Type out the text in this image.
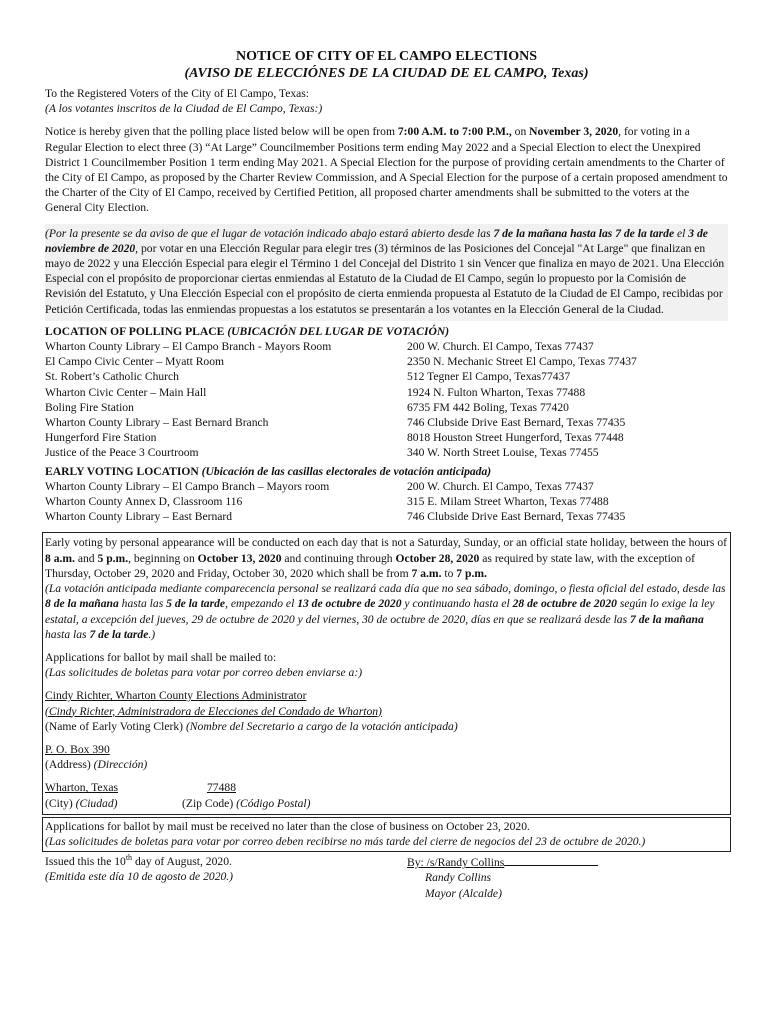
NOTICE OF CITY OF EL CAMPO ELECTIONS
(AVISO DE ELECCIÓNES DE LA CIUDAD DE EL CAMPO, Texas)

To the Registered Voters of the City of El Campo, Texas:

(A los votantes inscritos de la Ciudad de El Campo, Texas:)

Notice is hereby given that the polling place listed below will be open from 7:00 A.M. to 7:00 P.M., on November 3, 2020, for voting in a Regular Election to elect three (3) “At Large” Councilmember Positions term ending May 2022 and a Special Election to elect the Unexpired District 1 Councilmember Position 1 term ending May 2021. A Special Election for the purpose of providing certain amendments to the Charter of the City of El Campo, as proposed by the Charter Review Commission, and A Special Election for the purpose of a certain proposed amendment to the Charter of the City of El Campo, received by Certified Petition, all proposed charter amendments shall be submitted to the voters at the General City Election.

(Por la presente se da aviso de que el lugar de votación indicado abajo estará abierto desde las 7 de la mañana hasta las 7 de la tarde el 3 de noviembre de 2020, por votar en una Elección Regular para elegir tres (3) términos de las Posiciones del Concejal "At Large" que finalizan en mayo de 2022 y una Elección Especial para elegir el Término 1 del Concejal del Distrito 1 sin Vencer que finaliza en mayo de 2021. Una Elección Especial con el propósito de proporcionar ciertas enmiendas al Estatuto de la Ciudad de El Campo, según lo propuesto por la Comisión de Revisión del Estatuto, y Una Elección Especial con el propósito de cierta enmienda propuesta al Estatuto de la Ciudad de El Campo, recibidas por Petición Certificada, todas las enmiendas propuestas a los estatutos se presentarán a los votantes en la Elección General de la Ciudad.
LOCATION OF POLLING PLACE (UBICACIÓN DEL LUGAR DE VOTACIÓN)
Wharton County Library – El Campo Branch - Mayors Room	200 W. Church. El Campo, Texas 77437
El Campo Civic Center – Myatt Room	2350 N. Mechanic Street El Campo, Texas 77437
St. Robert’s Catholic Church	512 Tegner El Campo, Texas77437
Wharton Civic Center – Main Hall	1924 N. Fulton Wharton, Texas 77488
Boling Fire Station	6735 FM 442 Boling, Texas 77420
Wharton County Library – East Bernard Branch	746 Clubside Drive East Bernard, Texas 77435
Hungerford Fire Station	8018 Houston Street Hungerford, Texas 77448
Justice of the Peace 3 Courtroom	340 W. North Street Louise, Texas 77455
EARLY VOTING LOCATION (Ubicación de las casillas electorales de votación anticipada)
Wharton County Library – El Campo Branch – Mayors room	200 W. Church. El Campo, Texas 77437
Wharton County Annex D, Classroom 116	315 E. Milam Street Wharton, Texas 77488
Wharton County Library – East Bernard	746 Clubside Drive East Bernard, Texas 77435

Early voting by personal appearance will be conducted on each day that is not a Saturday, Sunday, or an official state holiday, between the hours of 8 a.m. and 5 p.m., beginning on October 13, 2020 and continuing through October 28, 2020 as required by state law, with the exception of Thursday, October 29, 2020 and Friday, October 30, 2020 which shall be from 7 a.m. to 7 p.m.

(La votación anticipada mediante comparecencia personal se realizará cada día que no sea sábado, domingo, o fiesta oficial del estado, desde las 8 de la mañana hasta las 5 de la tarde, empezando el 13 de octubre de 2020 y continuando hasta el 28 de octubre de 2020 según lo exige la ley estatal, a excepción del jueves, 29 de octubre de 2020 y del viernes, 30 de octubre de 2020, días en que se realizará desde las 7 de la mañana hasta las 7 de la tarde.)

Applications for ballot by mail shall be mailed to:

(Las solicitudes de boletas para votar por correo deben enviarse a:)

Cindy Richter, Wharton County Elections Administrator

(Cindy Richter, Administradora de Elecciones del Condado de Wharton)

(Name of Early Voting Clerk) (Nombre del Secretario a cargo de la votación anticipada)

P. O. Box 390

(Address) (Dirección)

Wharton, Texas	77488

(City) (Ciudad)	(Zip Code) (Código Postal)

Applications for ballot by mail must be received no later than the close of business on October 23, 2020.

(Las solicitudes de boletas para votar por correo deben recibirse no más tarde del cierre de negocios del 23 de octubre de 2020.)

Issued this the 10th day of August, 2020.

(Emitida este día 10 de agosto de 2020.)

By: /s/Randy Collins

Randy Collins

Mayor (Alcalde)
